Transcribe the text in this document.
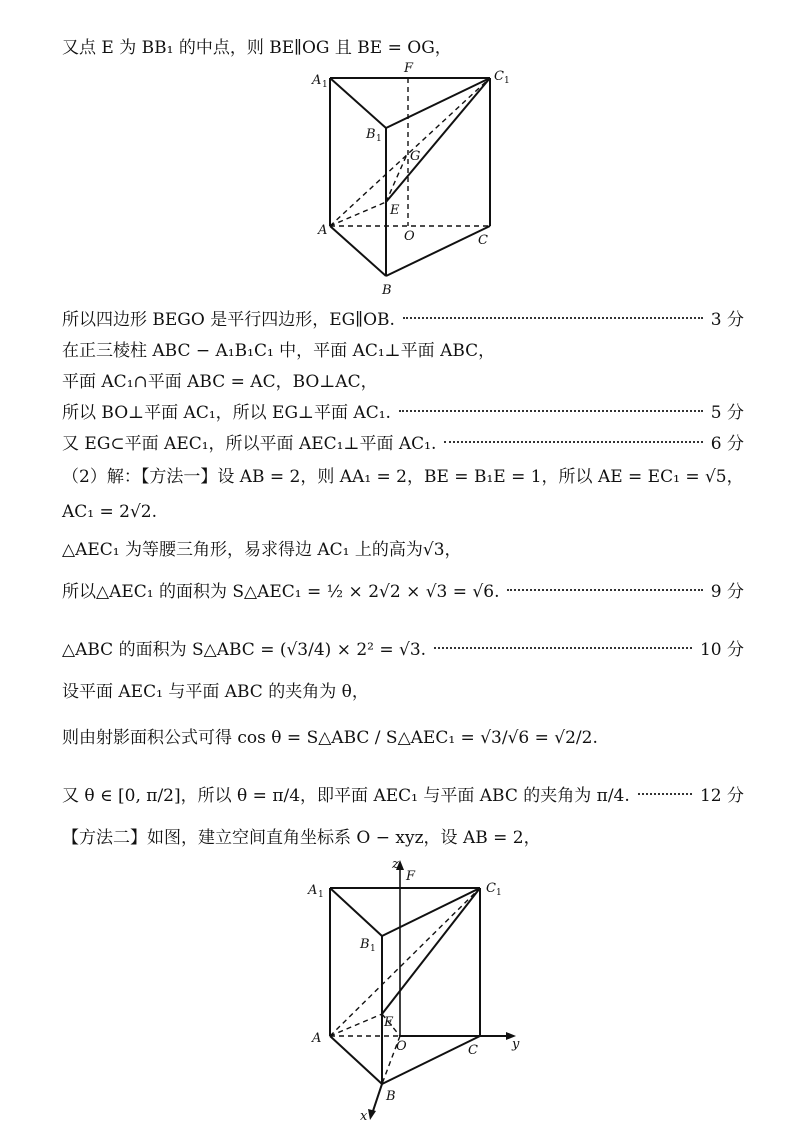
又点 E 为 BB₁ 的中点，则 BE∥OG 且 BE = OG，
A 1
B 1
C 1
F
G
E
A	O	C
B
所以四边形 BEGO 是平行四边形，EG∥OB.	3 分
在正三棱柱 ABC − A₁B₁C₁ 中，平面 AC₁⊥平面 ABC，
平面 AC₁∩平面 ABC = AC，BO⊥AC，
所以 BO⊥平面 AC₁，所以 EG⊥平面 AC₁.	5 分
又 EG⊂平面 AEC₁，所以平面 AEC₁⊥平面 AC₁.	6 分
（2）解：【方法一】设 AB = 2，则 AA₁ = 2，BE = B₁E = 1，所以 AE = EC₁ = √5，
AC₁ = 2√2.
△AEC₁ 为等腰三角形，易求得边 AC₁ 上的高为√3，
所以△AEC₁ 的面积为 S△AEC₁ = ½ × 2√2 × √3 = √6.	9 分
△ABC 的面积为 S△ABC = (√3/4) × 2² = √3.	10 分
设平面 AEC₁ 与平面 ABC 的夹角为 θ，
则由射影面积公式可得 cos θ = S△ABC / S△AEC₁ = √3/√6 = √2/2.
又 θ ∈ [0, π/2]，所以 θ = π/4，即平面 AEC₁ 与平面 ABC 的夹角为 π/4.	12 分
【方法二】如图，建立空间直角坐标系 O − xyz，设 AB = 2，
z
F
y
x
A 1
B 1
C 1
E
A
O	C
B
